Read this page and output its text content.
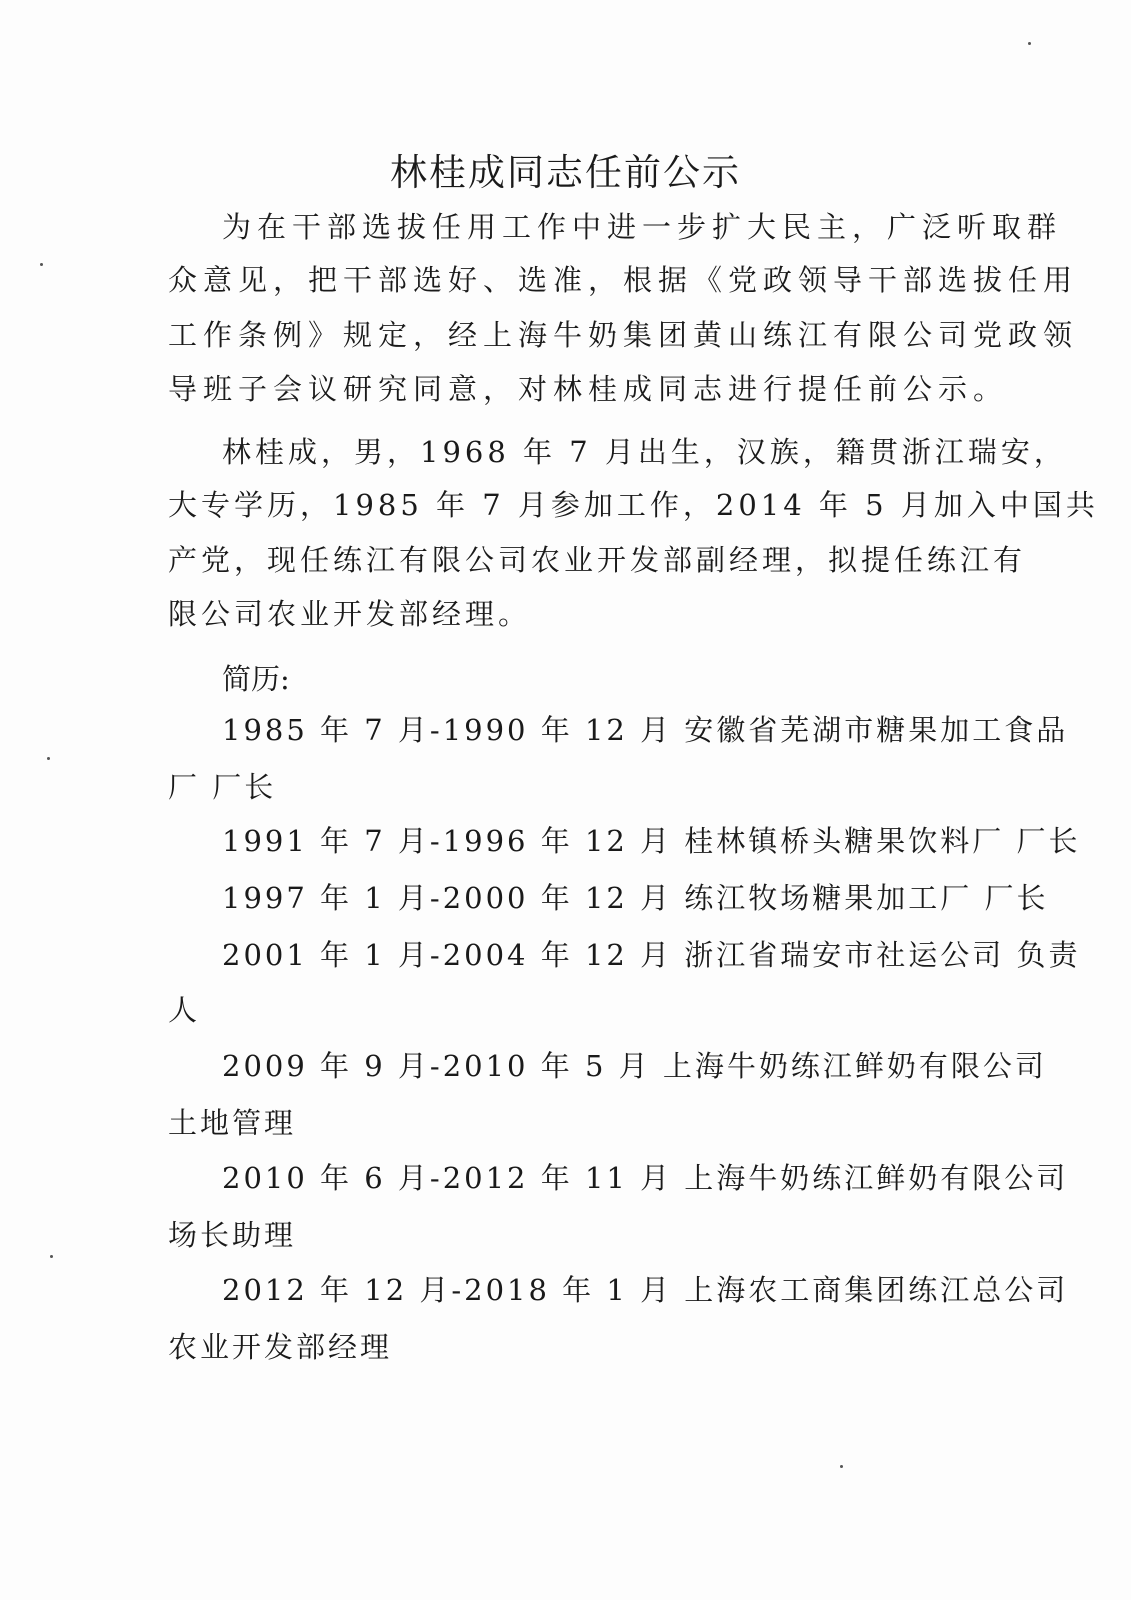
林桂成同志任前公示
为在干部选拔任用工作中进一步扩大民主，广泛听取群
众意见，把干部选好、选准，根据《党政领导干部选拔任用
工作条例》规定，经上海牛奶集团黄山练江有限公司党政领
导班子会议研究同意，对林桂成同志进行提任前公示。
林桂成，男，1968 年 7 月出生，汉族，籍贯浙江瑞安，
大专学历，1985 年 7 月参加工作，2014 年 5 月加入中国共
产党，现任练江有限公司农业开发部副经理，拟提任练江有
限公司农业开发部经理。
简历:
1985 年 7 月-1990 年 12 月 安徽省芜湖市糖果加工食品
厂 厂长
1991 年 7 月-1996 年 12 月 桂林镇桥头糖果饮料厂 厂长
1997 年 1 月-2000 年 12 月 练江牧场糖果加工厂 厂长
2001 年 1 月-2004 年 12 月 浙江省瑞安市社运公司 负责
人
2009 年 9 月-2010 年 5 月 上海牛奶练江鲜奶有限公司
土地管理
2010 年 6 月-2012 年 11 月 上海牛奶练江鲜奶有限公司
场长助理
2012 年 12 月-2018 年 1 月 上海农工商集团练江总公司
农业开发部经理
